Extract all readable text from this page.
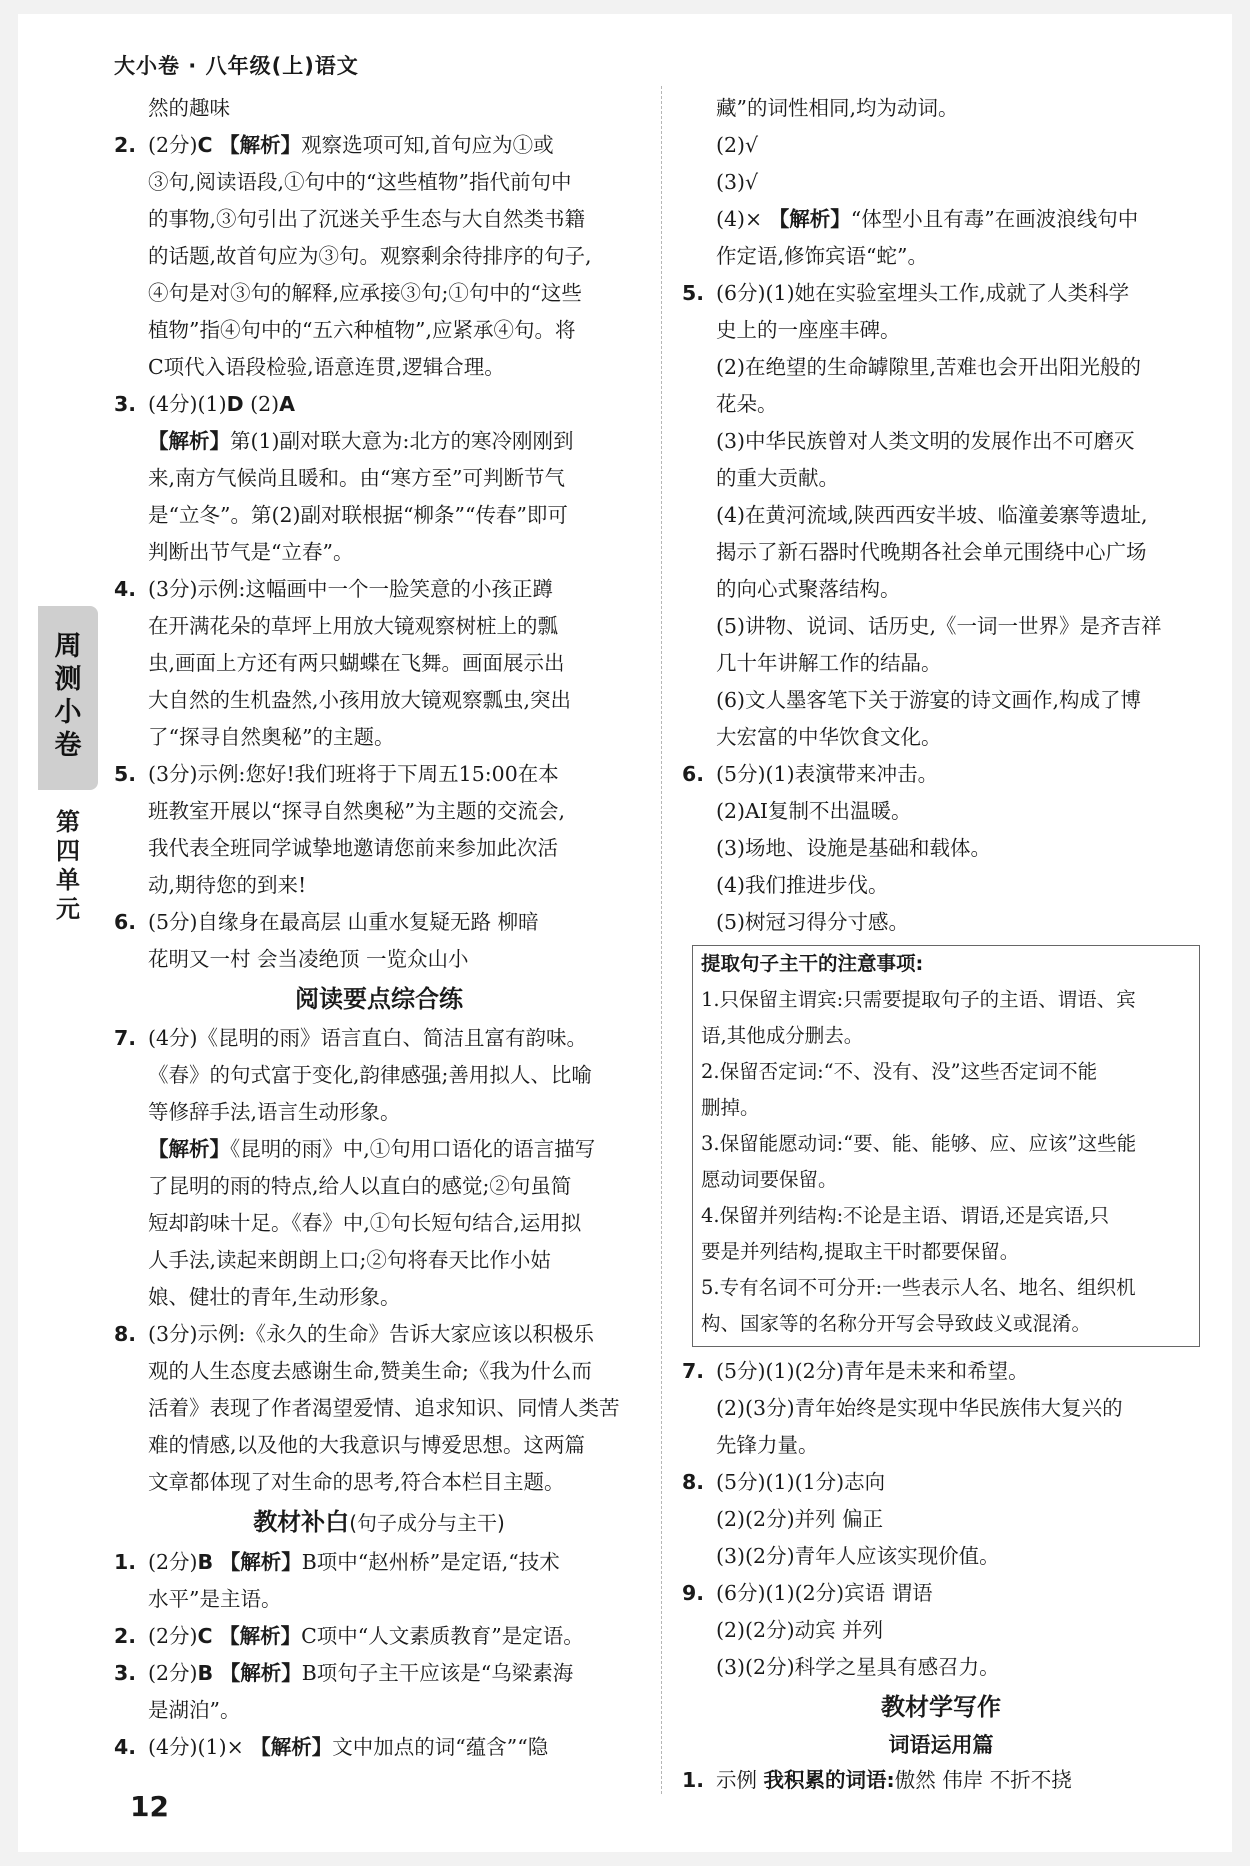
大小卷 · 八年级(上)语文
周测小卷
第四单元
然的趣味
2. (2分)C 【解析】观察选项可知,首句应为①或
③句,阅读语段,①句中的“这些植物”指代前句中
的事物,③句引出了沉迷关乎生态与大自然类书籍
的话题,故首句应为③句。观察剩余待排序的句子,
④句是对③句的解释,应承接③句;①句中的“这些
植物”指④句中的“五六种植物”,应紧承④句。将
C项代入语段检验,语意连贯,逻辑合理。
3. (4分)(1)D (2)A
【解析】第(1)副对联大意为:北方的寒冷刚刚到
来,南方气候尚且暖和。由“寒方至”可判断节气
是“立冬”。第(2)副对联根据“柳条”“传春”即可
判断出节气是“立春”。
4. (3分)示例:这幅画中一个一脸笑意的小孩正蹲
在开满花朵的草坪上用放大镜观察树桩上的瓢
虫,画面上方还有两只蝴蝶在飞舞。画面展示出
大自然的生机盎然,小孩用放大镜观察瓢虫,突出
了“探寻自然奥秘”的主题。
5. (3分)示例:您好!我们班将于下周五15:00在本
班教室开展以“探寻自然奥秘”为主题的交流会,
我代表全班同学诚挚地邀请您前来参加此次活
动,期待您的到来!
6. (5分)自缘身在最高层 山重水复疑无路 柳暗
花明又一村 会当凌绝顶 一览众山小
阅读要点综合练
7. (4分)《昆明的雨》语言直白、简洁且富有韵味。
《春》的句式富于变化,韵律感强;善用拟人、比喻
等修辞手法,语言生动形象。
【解析】《昆明的雨》中,①句用口语化的语言描写
了昆明的雨的特点,给人以直白的感觉;②句虽简
短却韵味十足。《春》中,①句长短句结合,运用拟
人手法,读起来朗朗上口;②句将春天比作小姑
娘、健壮的青年,生动形象。
8. (3分)示例:《永久的生命》告诉大家应该以积极乐
观的人生态度去感谢生命,赞美生命;《我为什么而
活着》表现了作者渴望爱情、追求知识、同情人类苦
难的情感,以及他的大我意识与博爱思想。这两篇
文章都体现了对生命的思考,符合本栏目主题。
教材补白(句子成分与主干)
1. (2分)B 【解析】B项中“赵州桥”是定语,“技术
水平”是主语。
2. (2分)C 【解析】C项中“人文素质教育”是定语。
3. (2分)B 【解析】B项句子主干应该是“乌梁素海
是湖泊”。
4. (4分)(1)× 【解析】文中加点的词“蕴含”“隐
藏”的词性相同,均为动词。
(2)√
(3)√
(4)× 【解析】“体型小且有毒”在画波浪线句中
作定语,修饰宾语“蛇”。
5. (6分)(1)她在实验室埋头工作,成就了人类科学
史上的一座座丰碑。
(2)在绝望的生命罅隙里,苦难也会开出阳光般的
花朵。
(3)中华民族曾对人类文明的发展作出不可磨灭
的重大贡献。
(4)在黄河流域,陕西西安半坡、临潼姜寨等遗址,
揭示了新石器时代晚期各社会单元围绕中心广场
的向心式聚落结构。
(5)讲物、说词、话历史,《一词一世界》是齐吉祥
几十年讲解工作的结晶。
(6)文人墨客笔下关于游宴的诗文画作,构成了博
大宏富的中华饮食文化。
6. (5分)(1)表演带来冲击。
(2)AI复制不出温暖。
(3)场地、设施是基础和载体。
(4)我们推进步伐。
(5)树冠习得分寸感。
提取句子主干的注意事项:
1.只保留主谓宾:只需要提取句子的主语、谓语、宾
语,其他成分删去。
2.保留否定词:“不、没有、没”这些否定词不能
删掉。
3.保留能愿动词:“要、能、能够、应、应该”这些能
愿动词要保留。
4.保留并列结构:不论是主语、谓语,还是宾语,只
要是并列结构,提取主干时都要保留。
5.专有名词不可分开:一些表示人名、地名、组织机
构、国家等的名称分开写会导致歧义或混淆。
7. (5分)(1)(2分)青年是未来和希望。
(2)(3分)青年始终是实现中华民族伟大复兴的
先锋力量。
8. (5分)(1)(1分)志向
(2)(2分)并列 偏正
(3)(2分)青年人应该实现价值。
9. (6分)(1)(2分)宾语 谓语
(2)(2分)动宾 并列
(3)(2分)科学之星具有感召力。
教材学写作
词语运用篇
1. 示例 我积累的词语:傲然 伟岸 不折不挠
12
